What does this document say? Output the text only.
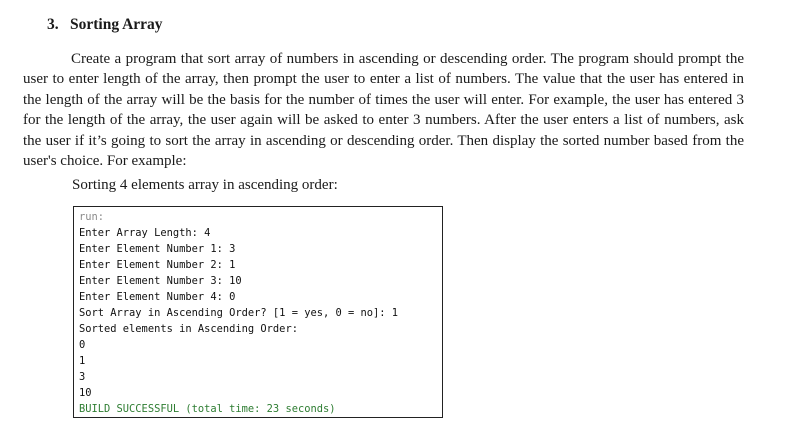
3. Sorting Array

Create a program that sort array of numbers in ascending or descending order. The program should prompt the user to enter length of the array, then prompt the user to enter a list of numbers. The value that the user has entered in the length of the array will be the basis for the number of times the user will enter. For example, the user has entered 3 for the length of the array, the user again will be asked to enter 3 numbers. After the user enters a list of numbers, ask the user if it’s going to sort the array in ascending or descending order. Then display the sorted number based from the user's choice. For example:

Sorting 4 elements array in ascending order:
run:
Enter Array Length: 4
Enter Element Number 1: 3
Enter Element Number 2: 1
Enter Element Number 3: 10
Enter Element Number 4: 0
Sort Array in Ascending Order? [1 = yes, 0 = no]: 1
Sorted elements in Ascending Order:
0
1
3
10
BUILD SUCCESSFUL (total time: 23 seconds)
